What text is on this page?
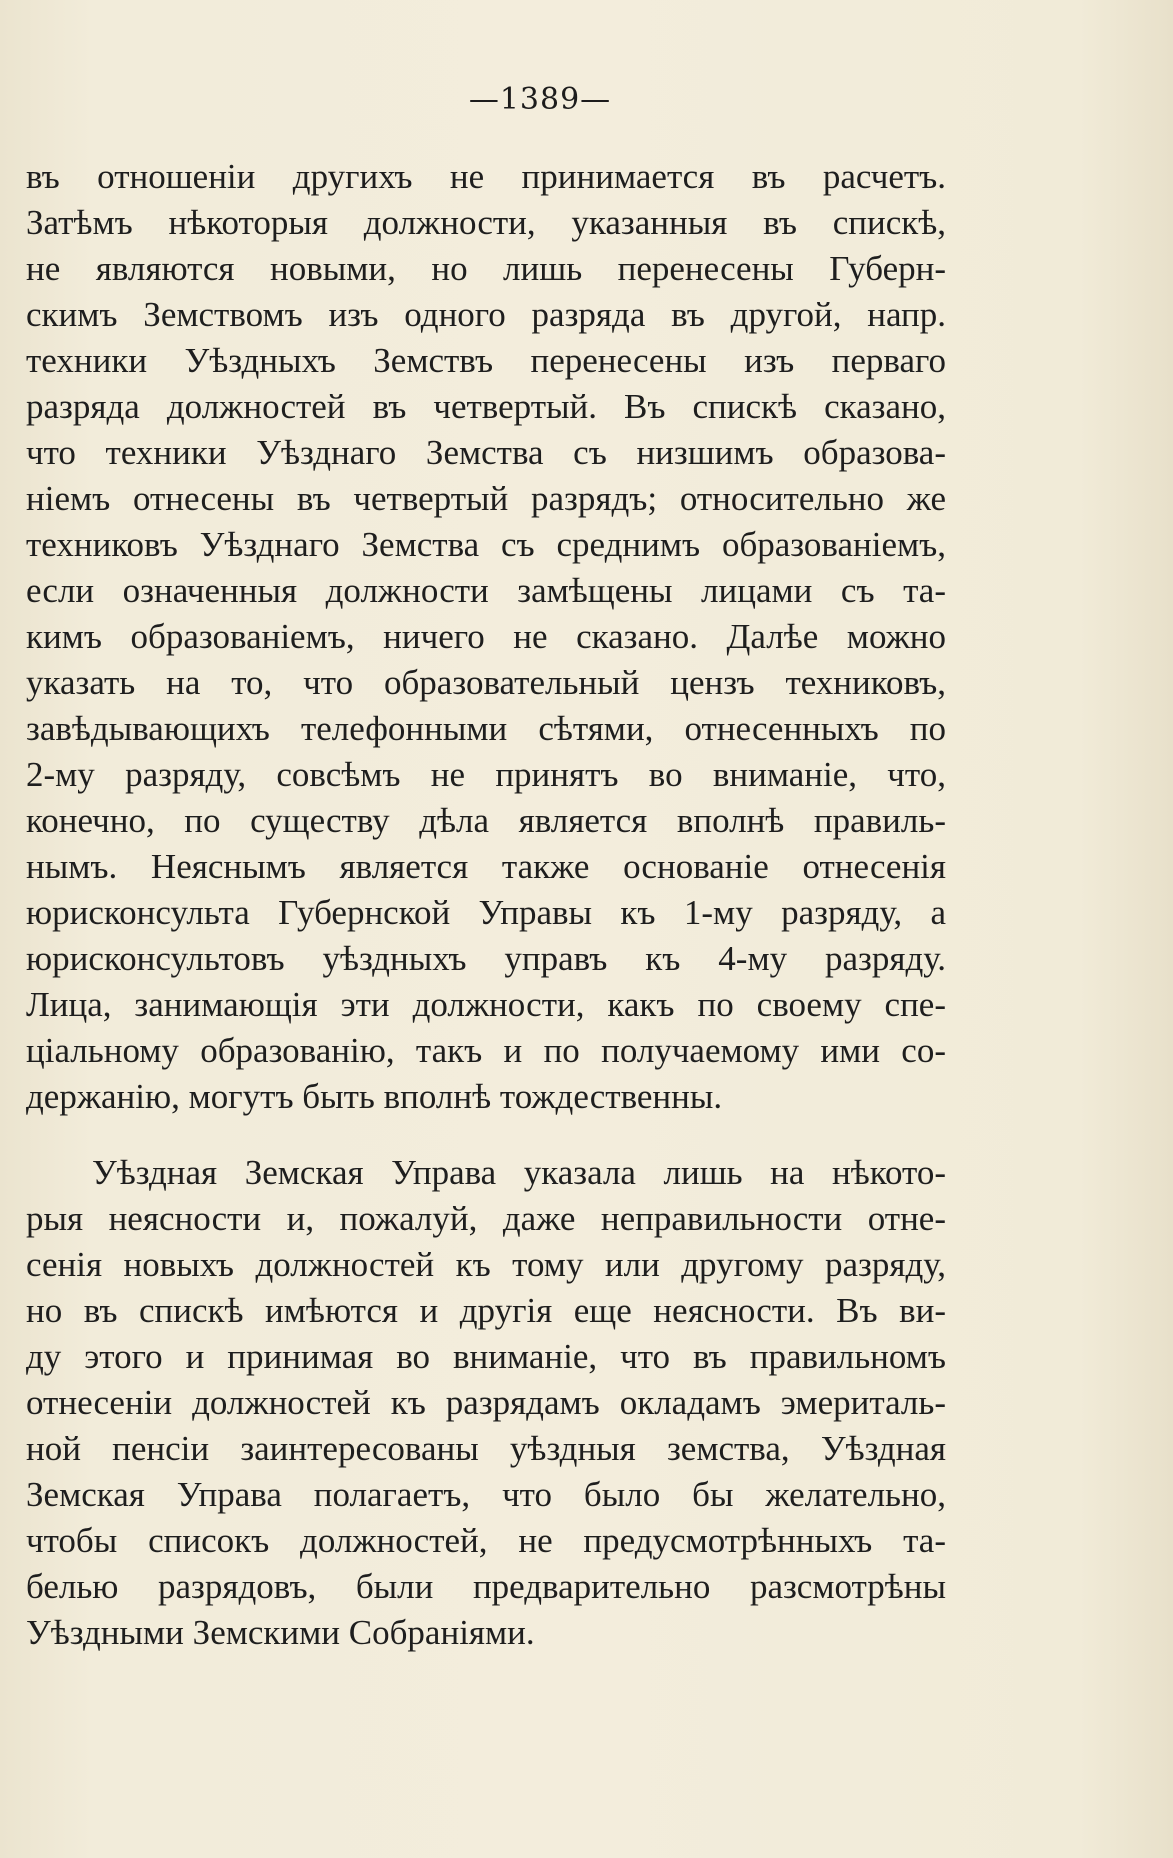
—1389—
въ отношеніи другихъ не принимается въ расчетъ.
Затѣмъ нѣкоторыя должности, указанныя въ спискѣ,
не являются новыми, но лишь перенесены Губерн-
скимъ Земствомъ изъ одного разряда въ другой, напр.
техники Уѣздныхъ Земствъ перенесены изъ перваго
разряда должностей въ четвертый. Въ спискѣ сказано,
что техники Уѣзднаго Земства съ низшимъ образова-
ніемъ отнесены въ четвертый разрядъ; относительно же
техниковъ Уѣзднаго Земства съ среднимъ образованіемъ,
если означенныя должности замѣщены лицами съ та-
кимъ образованіемъ, ничего не сказано. Далѣе можно
указать на то, что образовательный цензъ техниковъ,
завѣдывающихъ телефонными сѣтями, отнесенныхъ по
2-му разряду, совсѣмъ не принятъ во вниманіе, что,
конечно, по существу дѣла является вполнѣ правиль-
нымъ. Неяснымъ является также основаніе отнесенія
юрисконсульта Губернской Управы къ 1-му разряду, а
юрисконсультовъ уѣздныхъ управъ къ 4-му разряду.
Лица, занимающія эти должности, какъ по своему спе-
ціальному образованію, такъ и по получаемому ими со-
держанію, могутъ быть вполнѣ тождественны.
Уѣздная Земская Управа указала лишь на нѣкото-
рыя неясности и, пожалуй, даже неправильности отне-
сенія новыхъ должностей къ тому или другому разряду,
но въ спискѣ имѣются и другія еще неясности. Въ ви-
ду этого и принимая во вниманіе, что въ правильномъ
отнесеніи должностей къ разрядамъ окладамъ эмериталь-
ной пенсіи заинтересованы уѣздныя земства, Уѣздная
Земская Управа полагаетъ, что было бы желательно,
чтобы списокъ должностей, не предусмотрѣнныхъ та-
белью разрядовъ, были предварительно разсмотрѣны
Уѣздными Земскими Собраніями.
